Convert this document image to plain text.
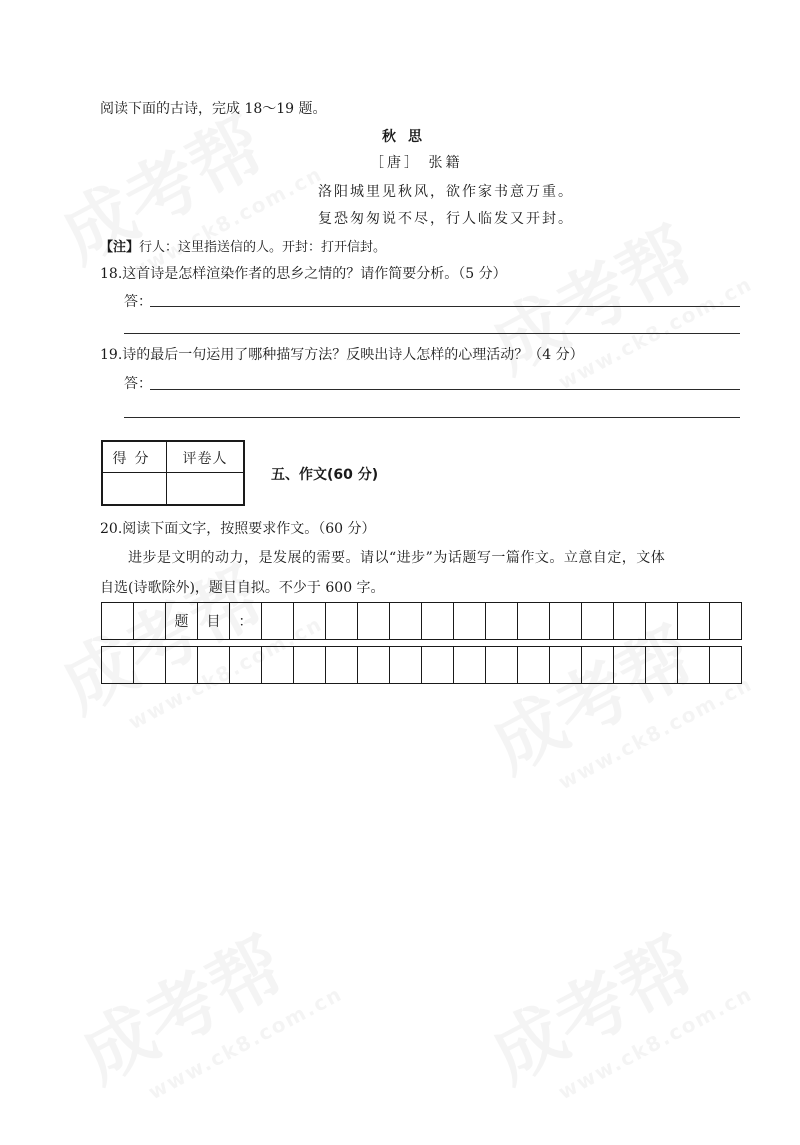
阅读下面的古诗，完成 18～19 题。
秋思
［唐］ 张籍
洛阳城里见秋风，欲作家书意万重。
复恐匆匆说不尽，行人临发又开封。
【注】行人：这里指送信的人。开封：打开信封。
18.这首诗是怎样渲染作者的思乡之情的？请作简要分析。（5 分）
答：
19.诗的最后一句运用了哪种描写方法？反映出诗人怎样的心理活动？（4 分）
答：
得分	评卷人
五、作文(60 分)
20.阅读下面文字，按照要求作文。（60 分）
进步是文明的动力，是发展的需要。请以“进步”为话题写一篇作文。立意自定，文体
自选(诗歌除外)，题目自拟。不少于 600 字。
题	目	：
